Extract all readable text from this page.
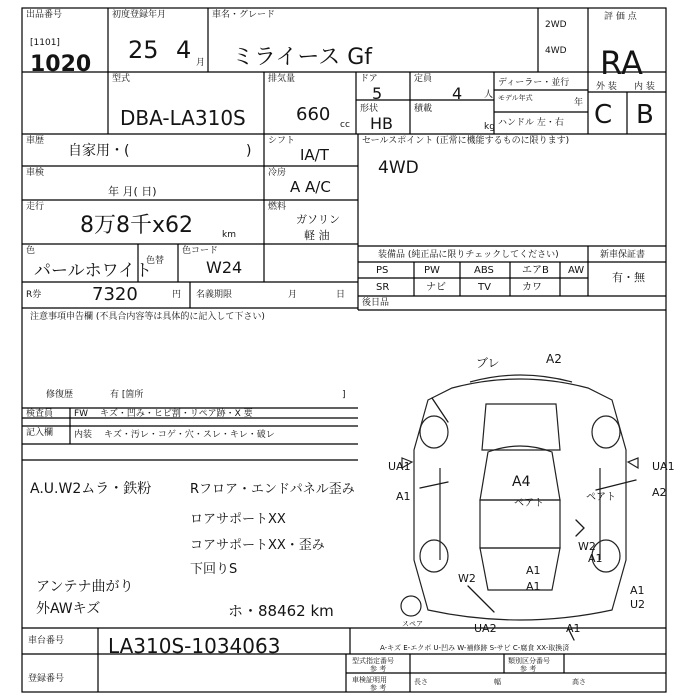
出品番号
[1101]
1020
初度登録年月
25 4 月
車名・グレード
ミライース Gf
2WD
4WD
評 価 点
RA
外 装 内 装
C B
型式
DBA-LA310S
排気量
660 cc
ドア
5
定員
4 人
形状
HB
積載
kg
ディーラー・並行
モデル年式	年
ハンドル 左・右
車歴
自家用・(	)
シフト
IA/T
車検
年 月( 日)
冷房
A A/C
走行
8万8千x62	km
燃料
ガソリン
軽 油
色
パールホワイト
色替
色コード
W24
R券	7320	円 名義期限	月	日
セールスポイント (正常に機能するものに限ります)
4WD
装備品 (純正品に限りチェックしてください)	新車保証書
有・無
PS	PW	ABS	エアB AW
SR	ナビ	TV	カワ
後日品
注意事項申告欄 (不具合内容等は具体的に記入して下さい)
修復歴	有 [箇所	]
検査員
記入欄
FW キズ・凹み・ヒビ割・リペア跡・X 要
内装 キズ・汚レ・コゲ・穴・スレ・キレ・破レ
A.U.W2ムラ・鉄粉	Rフロア・エンドパネル歪み
ロアサポートXX
コアサポートXX・歪み
下回りS
アンテナ曲がり
外AWキズ	ホ・88462 km
ブレ	A2
A4
ペアト
UA1
A1
UA1
A2
ペアト
W2
A1
W2
A1
A1	A1
U2
UA2	A1
スペア
A-キズ E-エクボ U-凹み W-補修跡 S-サビ C-腐食 XX-取換済
車台番号 LA310S-1034063
登録番号
型式指定番号
参 考
類別区分番号
参 考
車検証明用
参 考
長さ	幅	高さ
